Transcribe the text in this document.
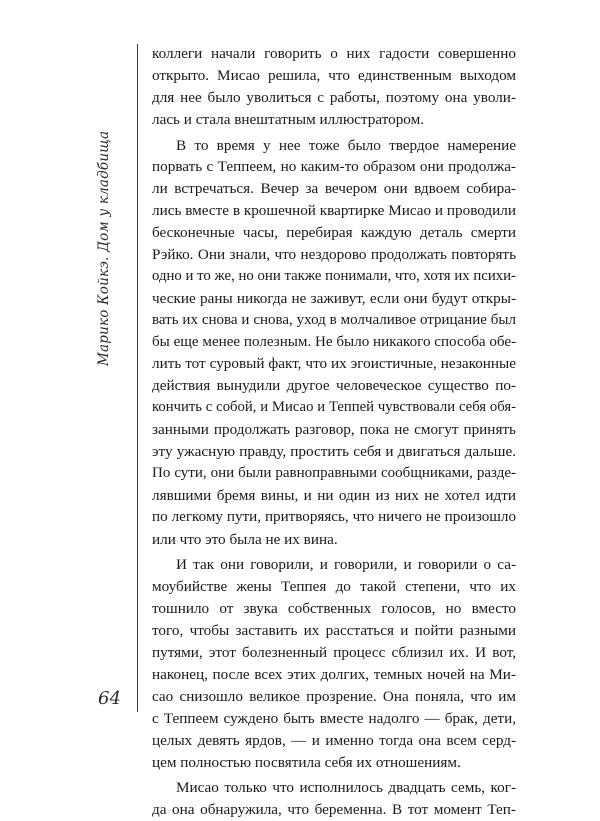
Марико Койкэ. Дом у кладбища
64

коллеги начали говорить о них гадости совершенно
открыто. Мисао решила, что единственным выходом
для нее было уволиться с работы, поэтому она уволи-
лась и стала внештатным иллюстратором.

В то время у нее тоже было твердое намерение
порвать с Теппеем, но каким-то образом они продолжа-
ли встречаться. Вечер за вечером они вдвоем собира-
лись вместе в крошечной квартирке Мисао и проводили
бесконечные часы, перебирая каждую деталь смерти
Рэйко. Они знали, что нездорово продолжать повторять
одно и то же, но они также понимали, что, хотя их психи-
ческие раны никогда не заживут, если они будут откры-
вать их снова и снова, уход в молчаливое отрицание был
бы еще менее полезным. Не было никакого способа обе-
лить тот суровый факт, что их эгоистичные, незаконные
действия вынудили другое человеческое существо по-
кончить с собой, и Мисао и Теппей чувствовали себя обя-
занными продолжать разговор, пока не смогут принять
эту ужасную правду, простить себя и двигаться дальше.
По сути, они были равноправными сообщниками, разде-
лявшими бремя вины, и ни один из них не хотел идти
по легкому пути, притворяясь, что ничего не произошло
или что это была не их вина.

И так они говорили, и говорили, и говорили о са-
моубийстве жены Теппея до такой степени, что их
тошнило от звука собственных голосов, но вместо
того, чтобы заставить их расстаться и пойти разными
путями, этот болезненный процесс сблизил их. И вот,
наконец, после всех этих долгих, темных ночей на Ми-
сао снизошло великое прозрение. Она поняла, что им
с Теппеем суждено быть вместе надолго — брак, дети,
целых девять ярдов, — и именно тогда она всем серд-
цем полностью посвятила себя их отношениям.

Мисао только что исполнилось двадцать семь, ког-
да она обнаружила, что беременна. В тот момент Теп-
